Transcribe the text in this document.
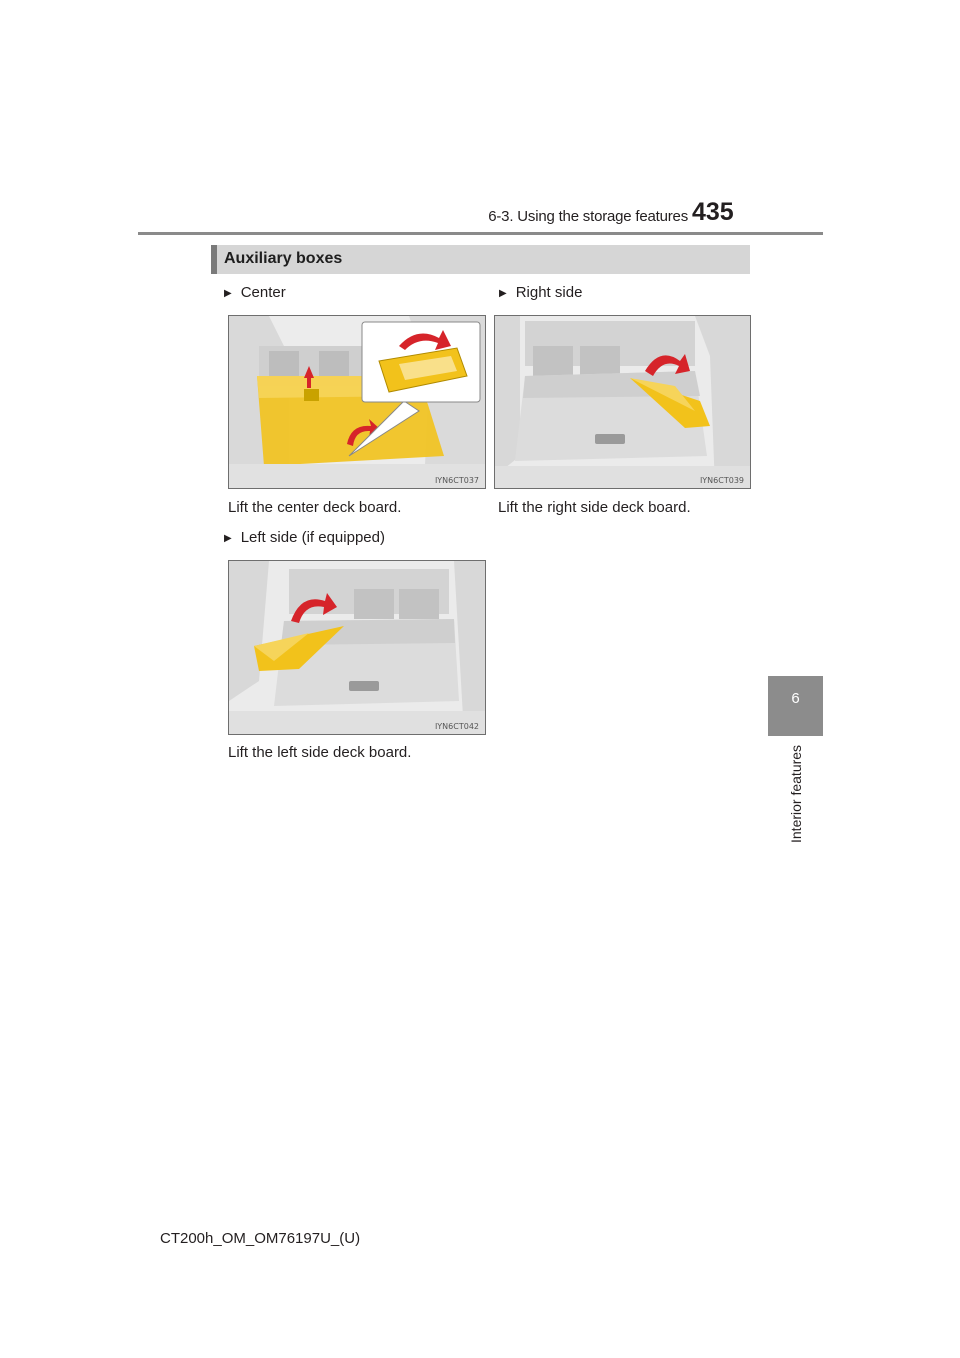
6-3. Using the storage features 435
6
Interior features
Auxiliary boxes
▶ Center
IYN6CT037
Lift the center deck board.
▶ Right side
IYN6CT039
Lift the right side deck board.
▶ Left side (if equipped)
IYN6CT042
Lift the left side deck board.
CT200h_OM_OM76197U_(U)
